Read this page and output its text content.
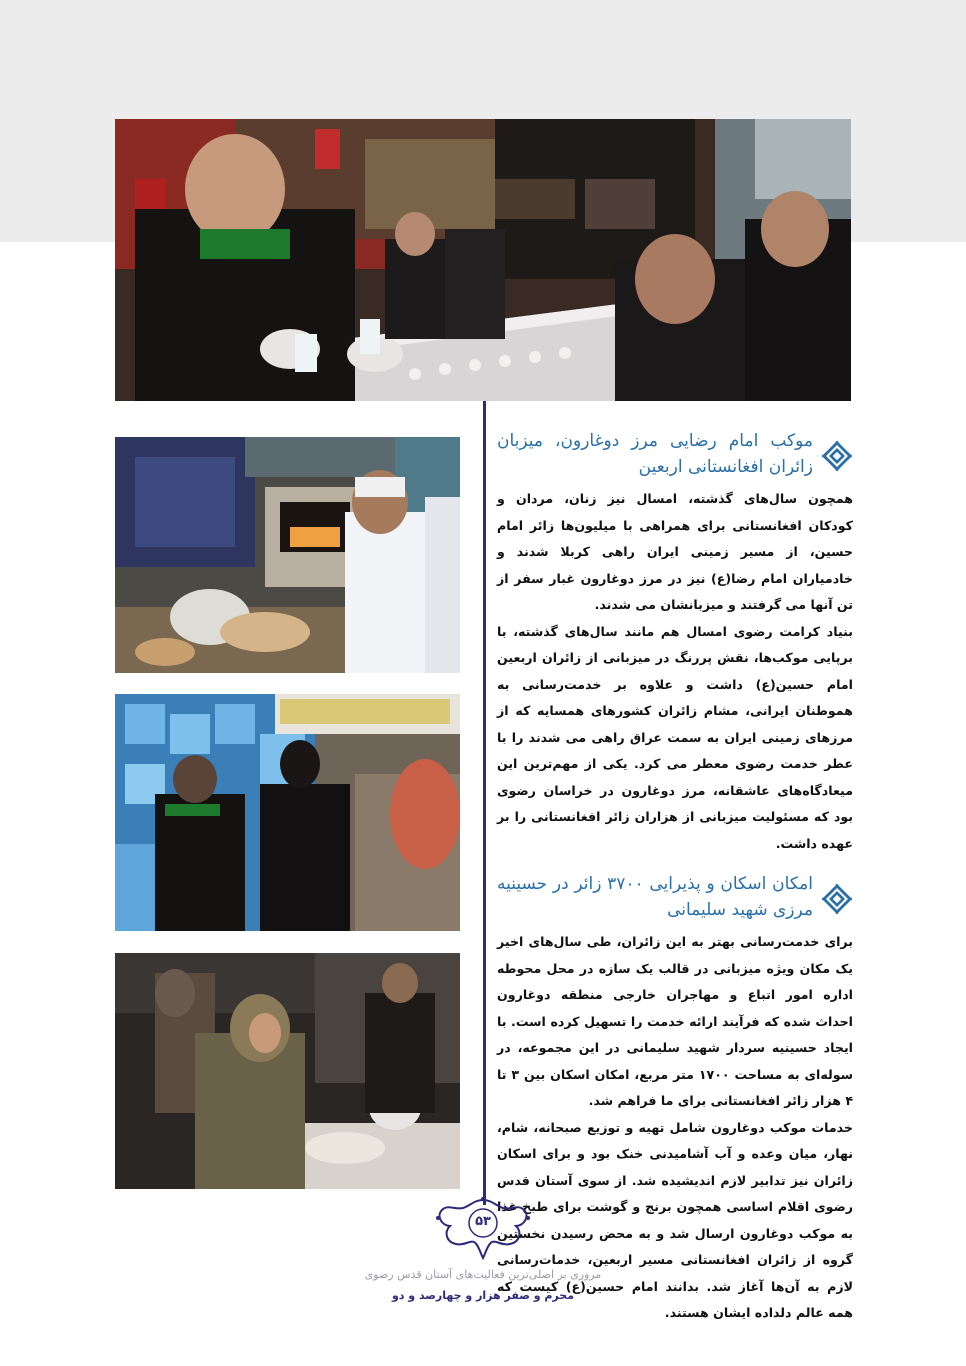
موکب امام رضایی مرز دوغارون، میزبان زائران افغانستانی اربعین

همچون سال‌های گذشته، امسال نیز زنان، مردان و کودکان افغانستانی برای همراهی با میلیون‌ها زائر امام حسین، از مسیر زمینی ایران راهی کربلا شدند و خادمیاران امام رضا(ع) نیز در مرز دوغارون غبار سفر از تن آنها می گرفتند و میزبانشان می شدند.

بنیاد کرامت رضوی امسال هم مانند سال‌های گذشته، با برپایی موکب‌ها، نقش پررنگ در میزبانی از زائران اربعین امام حسین(ع) داشت و علاوه بر خدمت‌رسانی به هموطنان ایرانی، مشام زائران کشورهای همسایه که از مرزهای زمینی ایران به سمت عراق راهی می شدند را با عطر خدمت رضوی معطر می کرد. یکی از مهم‌ترین این میعادگاه‌های عاشقانه، مرز دوغارون در خراسان رضوی بود که مسئولیت میزبانی از هزاران زائر افغانستانی را بر عهده داشت.

امکان اسکان و پذیرایی ۳۷۰۰ زائر در حسینیه مرزی شهید سلیمانی

برای خدمت‌رسانی بهتر به این زائران، طی سال‌های اخیر یک مکان ویژه میزبانی در قالب یک سازه در محل محوطه اداره امور اتباع و مهاجران خارجی منطقه دوغارون احداث شده که فرآیند ارائه خدمت را تسهیل کرده است. با ایجاد حسینیه سردار شهید سلیمانی در این مجموعه، در سوله‌ای به مساحت ۱۷۰۰ متر مربع، امکان اسکان بین ۳ تا ۴ هزار زائر افغانستانی برای ما فراهم شد.

خدمات موکب دوغارون شامل تهیه و توزیع صبحانه، شام، نهار، میان وعده و آب آشامیدنی خنک بود و برای اسکان زائران نیز تدابیر لازم اندیشیده شد. از سوی آستان قدس رضوی اقلام اساسی همچون برنج و گوشت برای طبخ غذا به موکب دوغارون ارسال شد و به محض رسیدن نخستین گروه از زائران افغانستانی مسیر اربعین، خدمات‌رسانی لازم به آن‌ها آغاز شد. بدانند امام حسین(ع) کیست که همه عالم دلداده ایشان هستند.

۵۳
مروری بر اصلی‌ترین فعالیت‌های آستان قدس رضوی
محرم و صفر هزار و چهارصد و دو
